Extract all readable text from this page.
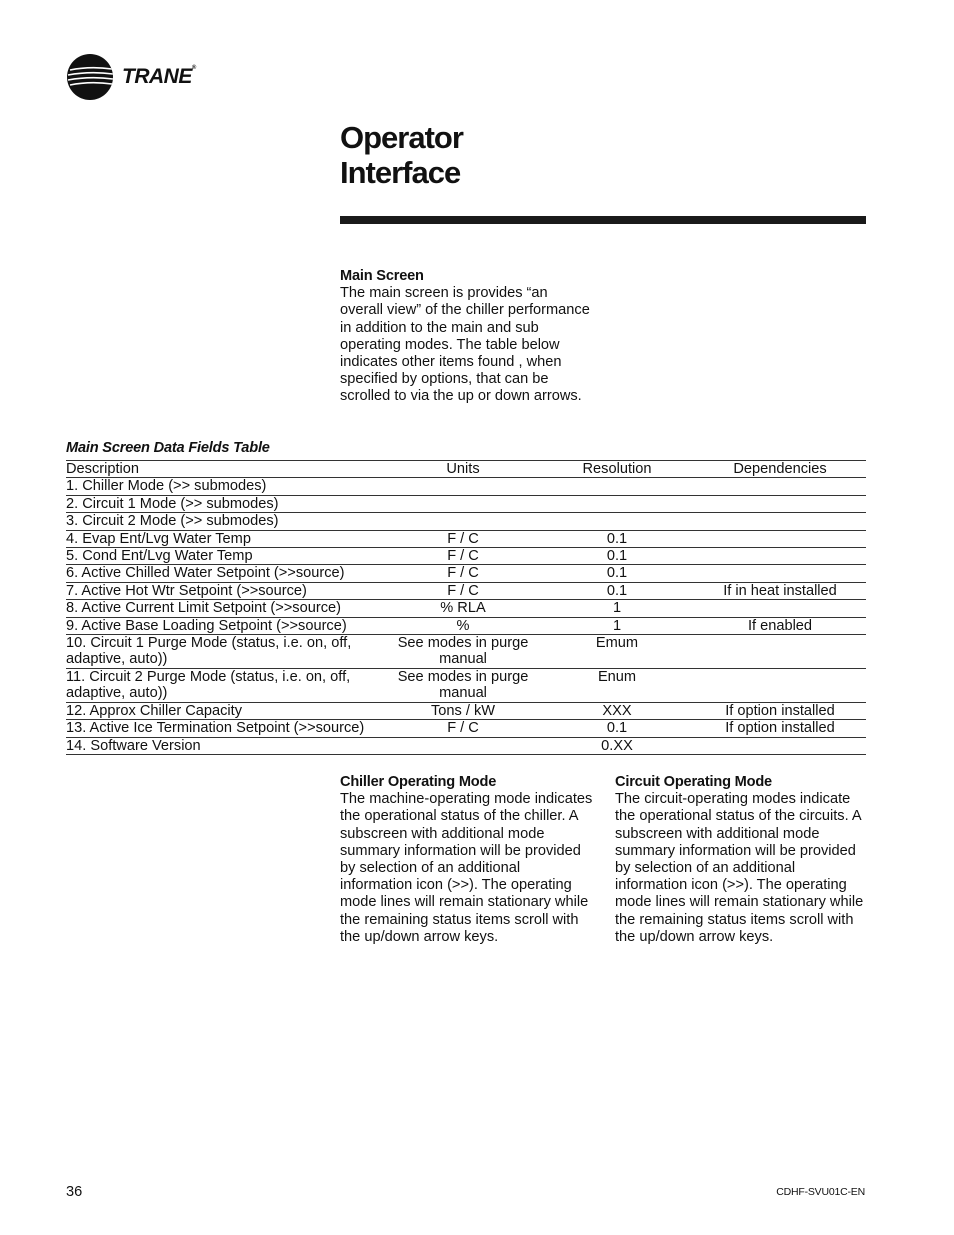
TRANE®
Operator
Interface
Main Screen

The main screen is provides “an overall view” of the chiller performance in addition to the main and sub operating modes. The table below indicates other items found , when specified by options, that can be scrolled to via the up or down arrows.

Main Screen Data Fields Table

Description	Units	Resolution	Dependencies
1. Chiller Mode (>> submodes)			
2. Circuit 1 Mode (>> submodes)			
3. Circuit 2 Mode (>> submodes)			
4. Evap Ent/Lvg Water Temp	F / C	0.1	
5. Cond Ent/Lvg Water Temp	F / C	0.1	
6. Active Chilled Water Setpoint (>>source)	F / C	0.1	
7. Active Hot Wtr Setpoint (>>source)	F / C	0.1	If in heat installed
8. Active Current Limit Setpoint (>>source)	% RLA	1	
9. Active Base Loading Setpoint (>>source)	%	1	If enabled
10. Circuit 1 Purge Mode (status, i.e. on, off, adaptive, auto))	See modes in purge manual	Emum	
11. Circuit 2 Purge Mode (status, i.e. on, off, adaptive, auto))	See modes in purge manual	Enum	
12. Approx Chiller Capacity	Tons / kW	XXX	If option installed
13. Active Ice Termination Setpoint (>>source)	F / C	0.1	If option installed
14. Software Version		0.XX	
Chiller Operating Mode

The machine-operating mode indicates the operational status of the chiller. A subscreen with additional mode summary information will be provided by selection of an additional information icon (>>). The operating mode lines will remain stationary while the remaining status items scroll with the up/down arrow keys.

Circuit Operating Mode

The circuit-operating modes indicate the operational status of the circuits. A subscreen with additional mode summary information will be provided by selection of an additional information icon (>>). The operating mode lines will remain stationary while the remaining status items scroll with the up/down arrow keys.

36	CDHF-SVU01C-EN
